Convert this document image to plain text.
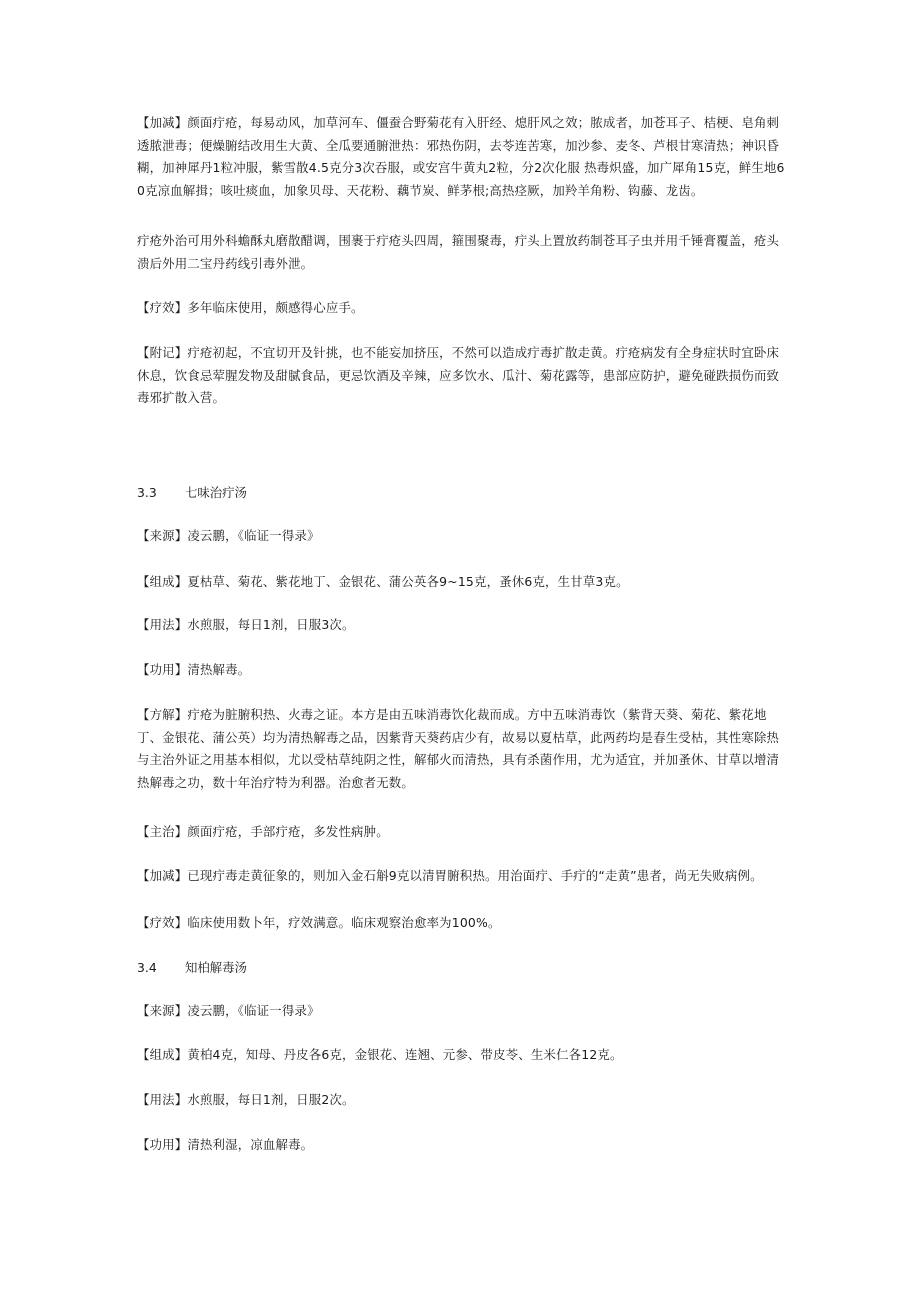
【加减】颜面疔疮，每易动风，加草河车、僵蚕合野菊花有入肝经、熄肝风之效；脓成者，加苍耳子、桔梗、皂角刺透脓泄毒；便燥腑结改用生大黄、全瓜要通腑泄热：邪热伤阴，去苓连苦寒，加沙参、麦冬、芦根甘寒清热；神识昏糊，加神犀丹1粒冲服，紫雪散4.5克分3次吞服，或安宫牛黄丸2粒，分2次化服 热毒炽盛，加广犀角15克，鲜生地60克凉血解揖；咳吐痰血，加象贝母、天花粉、藕节炭、鲜茅根;高热痉厥，加羚羊角粉、钩藤、龙齿。

疔疮外治可用外科蟾酥丸磨散醋调，围裹于疔疮头四周，箍围聚毒，疔头上置放药制苍耳子虫并用千锤膏覆盖，疮头溃后外用二宝丹药线引毒外泄。

【疗效】多年临床使用，颇感得心应手。

【附记】疔疮初起，不宜切开及针挑，也不能妄加挤压，不然可以造成疔毒扩散走黄。疔疮病发有全身症状时宜卧床休息，饮食忌荤腥发物及甜腻食品，更忌饮酒及辛辣，应多饮水、瓜汁、菊花露等，患部应防护，避免碰跌损伤而致毒邪扩散入营。

3.3 七味治疔汤

【来源】凌云鹏，《临证一得录》

【组成】夏枯草、菊花、紫花地丁、金银花、蒲公英各9~15克，蚤休6克，生甘草3克。

【用法】水煎服，每日1剂，日服3次。

【功用】清热解毒。

【方解】疔疮为脏腑积热、火毒之证。本方是由五味消毒饮化裁而成。方中五味消毒饮（紫背天葵、菊花、紫花地丁、金银花、蒲公英）均为清热解毒之品，因紫背天葵药店少有，故易以夏枯草，此两药均是春生受枯，其性寒除热与主治外证之用基本相似，尤以受枯草纯阴之性，解郁火而清热，具有杀菌作用，尤为适宜，并加蚤休、甘草以增清热解毒之功，数十年治疗特为利器。治愈者无数。

【主治】颜面疔疮，手部疔疮，多发性病肿。

【加减】已现疔毒走黄征象的，则加入金石斛9克以清胃腑积热。用治面疔、手疔的“走黄”患者，尚无失败病例。

【疗效】临床使用数卜年，疗效满意。临床观察治愈率为100%。

3.4 知柏解毒汤

【来源】凌云鹏，《临证一得录》

【组成】黄柏4克，知母、丹皮各6克，金银花、连翘、元参、带皮苓、生米仁各12克。

【用法】水煎服，每日1剂，日服2次。

【功用】清热利湿，凉血解毒。
